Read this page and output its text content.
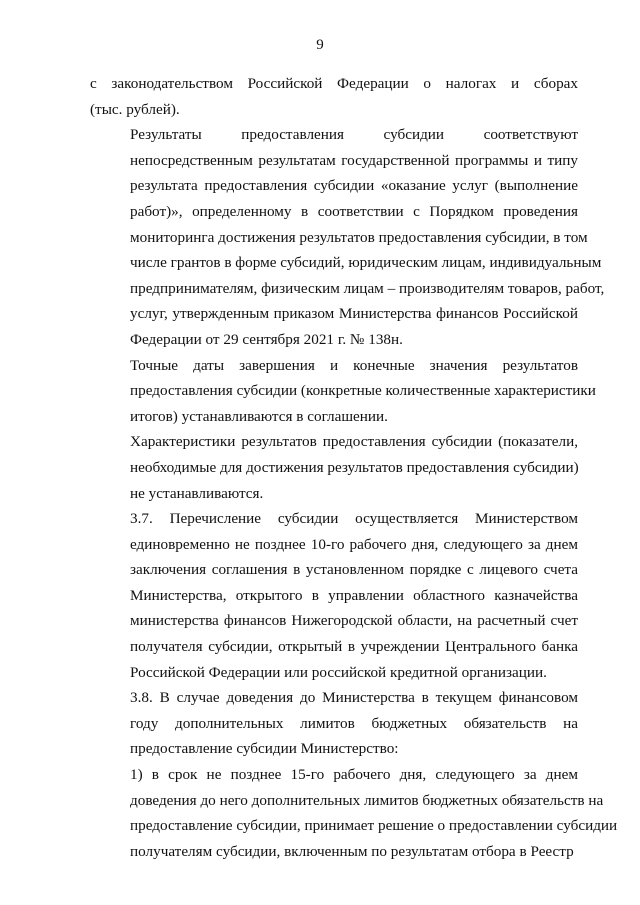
9

с законодательством Российской Федерации о налогах и сборах
(тыс. рублей).

Результаты предоставления субсидии соответствуют
непосредственным результатам государственной программы и типу
результата предоставления субсидии «оказание услуг (выполнение
работ)», определенному в соответствии с Порядком проведения
мониторинга достижения результатов предоставления субсидии, в том
числе грантов в форме субсидий, юридическим лицам, индивидуальным
предпринимателям, физическим лицам – производителям товаров, работ,
услуг, утвержденным приказом Министерства финансов Российской
Федерации от 29 сентября 2021 г. № 138н.

Точные даты завершения и конечные значения результатов
предоставления субсидии (конкретные количественные характеристики
итогов) устанавливаются в соглашении.

Характеристики результатов предоставления субсидии (показатели,
необходимые для достижения результатов предоставления субсидии)
не устанавливаются.

3.7. Перечисление субсидии осуществляется Министерством
единовременно не позднее 10-го рабочего дня, следующего за днем
заключения соглашения в установленном порядке с лицевого счета
Министерства, открытого в управлении областного казначейства
министерства финансов Нижегородской области, на расчетный счет
получателя субсидии, открытый в учреждении Центрального банка
Российской Федерации или российской кредитной организации.

3.8. В случае доведения до Министерства в текущем финансовом
году дополнительных лимитов бюджетных обязательств на
предоставление субсидии Министерство:

1) в срок не позднее 15-го рабочего дня, следующего за днем
доведения до него дополнительных лимитов бюджетных обязательств на
предоставление субсидии, принимает решение о предоставлении субсидии
получателям субсидии, включенным по результатам отбора в Реестр
